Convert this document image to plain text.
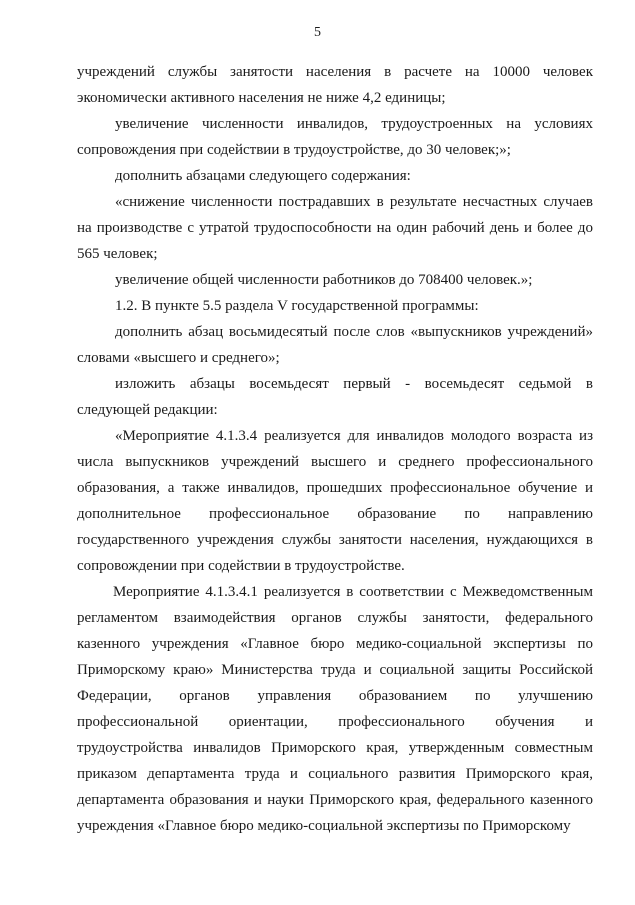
5

учреждений службы занятости населения в расчете на 10000 человек экономически активного населения не ниже 4,2 единицы;

увеличение численности инвалидов, трудоустроенных на условиях сопровождения при содействии в трудоустройстве, до 30 человек;»;

дополнить абзацами следующего содержания:

«снижение численности пострадавших в результате несчастных случаев на производстве с утратой трудоспособности на один рабочий день и более до 565 человек;

увеличение общей численности работников до 708400 человек.»;

1.2. В пункте 5.5 раздела V государственной программы:

дополнить абзац восьмидесятый после слов «выпускников учреждений» словами «высшего и среднего»;

изложить абзацы восемьдесят первый - восемьдесят седьмой в следующей редакции:

«Мероприятие 4.1.3.4 реализуется для инвалидов молодого возраста из числа выпускников учреждений высшего и среднего профессионального образования, а также инвалидов, прошедших профессиональное обучение и дополнительное профессиональное образование по направлению государственного учреждения службы занятости населения, нуждающихся в сопровождении при содействии в трудоустройстве.

Мероприятие 4.1.3.4.1 реализуется в соответствии с Межведомственным регламентом взаимодействия органов службы занятости, федерального казенного учреждения «Главное бюро медико-социальной экспертизы по Приморскому краю» Министерства труда и социальной защиты Российской Федерации, органов управления образованием по улучшению профессиональной ориентации, профессионального обучения и трудоустройства инвалидов Приморского края, утвержденным совместным приказом департамента труда и социального развития Приморского края, департамента образования и науки Приморского края, федерального казенного учреждения «Главное бюро медико-социальной экспертизы по Приморскому
